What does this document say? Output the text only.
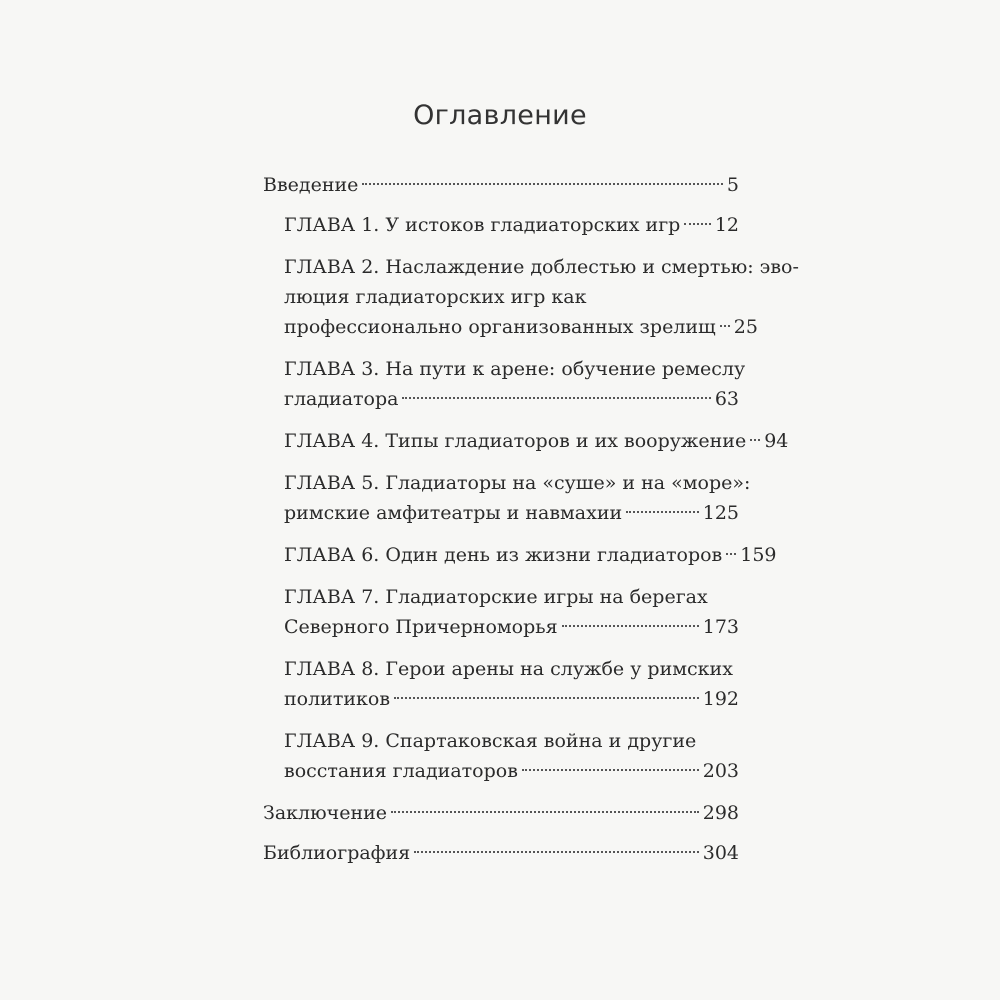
Оглавление
Введение	5
ГЛАВА 1. У истоков гладиаторских игр 12
ГЛАВА 2. Наслаждение доблестью и смертью: эво-
люция гладиаторских игр как
профессионально организованных зрелищ 25
ГЛАВА 3. На пути к арене: обучение ремеслу
гладиатора	63
ГЛАВА 4. Типы гладиаторов и их вооружение 94
ГЛАВА 5. Гладиаторы на «суше» и на «море»:
римские амфитеатры и навмахии	125
ГЛАВА 6. Один день из жизни гладиаторов 159
ГЛАВА 7. Гладиаторские игры на берегах
Северного Причерноморья	173
ГЛАВА 8. Герои арены на службе у римских
политиков	192
ГЛАВА 9. Спартаковская война и другие
восстания гладиаторов	203
Заключение	298
Библиография	304
